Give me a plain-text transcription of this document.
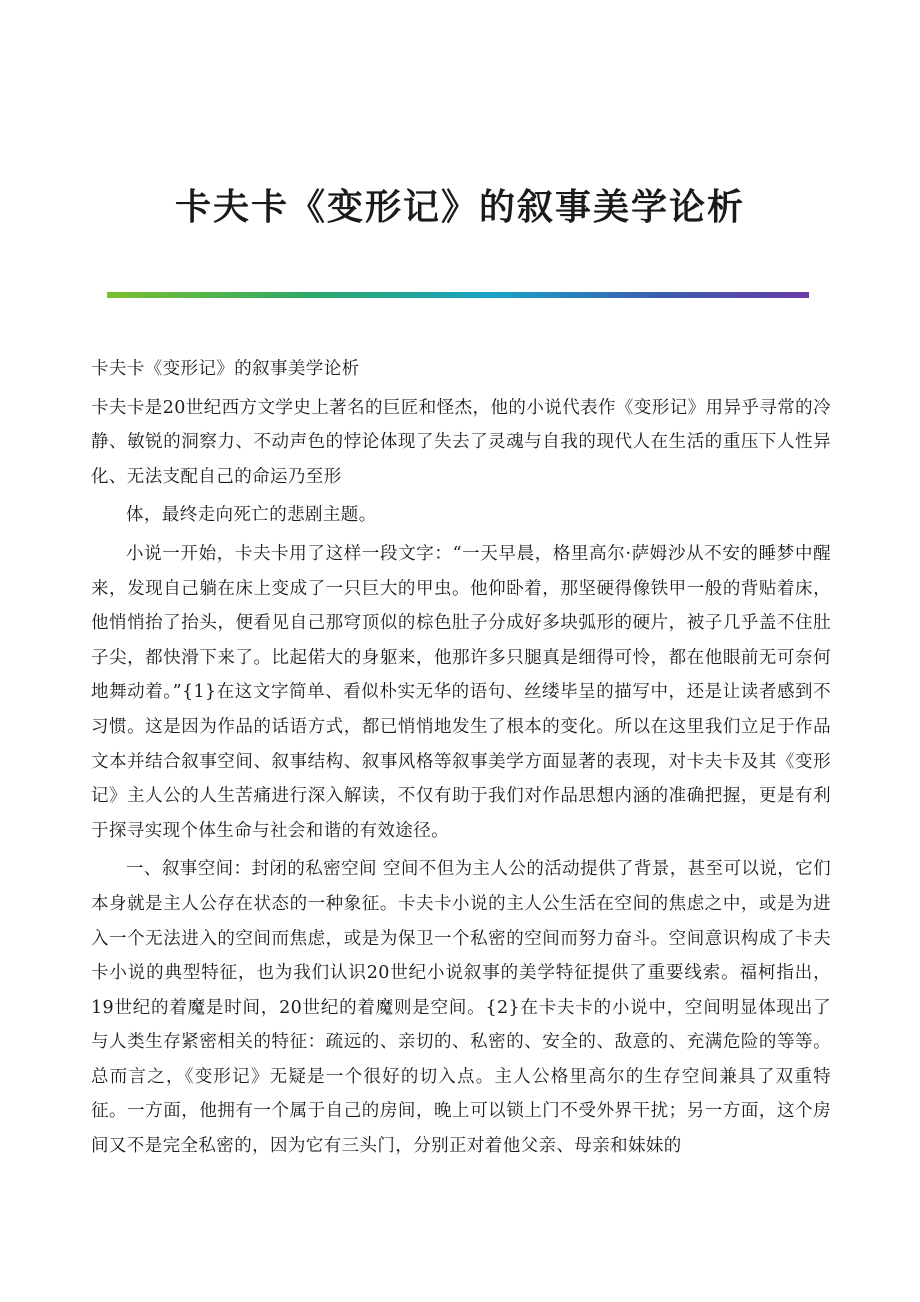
卡夫卡《变形记》的叙事美学论析

卡夫卡《变形记》的叙事美学论析

卡夫卡是20世纪西方文学史上著名的巨匠和怪杰，他的小说代表作《变形记》用异乎寻常的冷静、敏锐的洞察力、不动声色的悖论体现了失去了灵魂与自我的现代人在生活的重压下人性异化、无法支配自己的命运乃至形

体，最终走向死亡的悲剧主题。

小说一开始，卡夫卡用了这样一段文字：“一天早晨，格里高尔·萨姆沙从不安的睡梦中醒来，发现自己躺在床上变成了一只巨大的甲虫。他仰卧着，那坚硬得像铁甲一般的背贴着床，他悄悄抬了抬头，便看见自己那穹顶似的棕色肚子分成好多块弧形的硬片，被子几乎盖不住肚子尖，都快滑下来了。比起偌大的身躯来，他那许多只腿真是细得可怜，都在他眼前无可奈何地舞动着。”{1}在这文字简单、看似朴实无华的语句、丝缕毕呈的描写中，还是让读者感到不习惯。这是因为作品的话语方式，都已悄悄地发生了根本的变化。所以在这里我们立足于作品文本并结合叙事空间、叙事结构、叙事风格等叙事美学方面显著的表现，对卡夫卡及其《变形记》主人公的人生苦痛进行深入解读，不仅有助于我们对作品思想内涵的准确把握，更是有利于探寻实现个体生命与社会和谐的有效途径。

一、叙事空间：封闭的私密空间 空间不但为主人公的活动提供了背景，甚至可以说，它们本身就是主人公存在状态的一种象征。卡夫卡小说的主人公生活在空间的焦虑之中，或是为进入一个无法进入的空间而焦虑，或是为保卫一个私密的空间而努力奋斗。空间意识构成了卡夫卡小说的典型特征，也为我们认识20世纪小说叙事的美学特征提供了重要线索。福柯指出，19世纪的着魔是时间，20世纪的着魔则是空间。{2}在卡夫卡的小说中，空间明显体现出了与人类生存紧密相关的特征：疏远的、亲切的、私密的、安全的、敌意的、充满危险的等等。总而言之，《变形记》无疑是一个很好的切入点。主人公格里高尔的生存空间兼具了双重特征。一方面，他拥有一个属于自己的房间，晚上可以锁上门不受外界干扰；另一方面，这个房间又不是完全私密的，因为它有三头门，分别正对着他父亲、母亲和妹妹的
